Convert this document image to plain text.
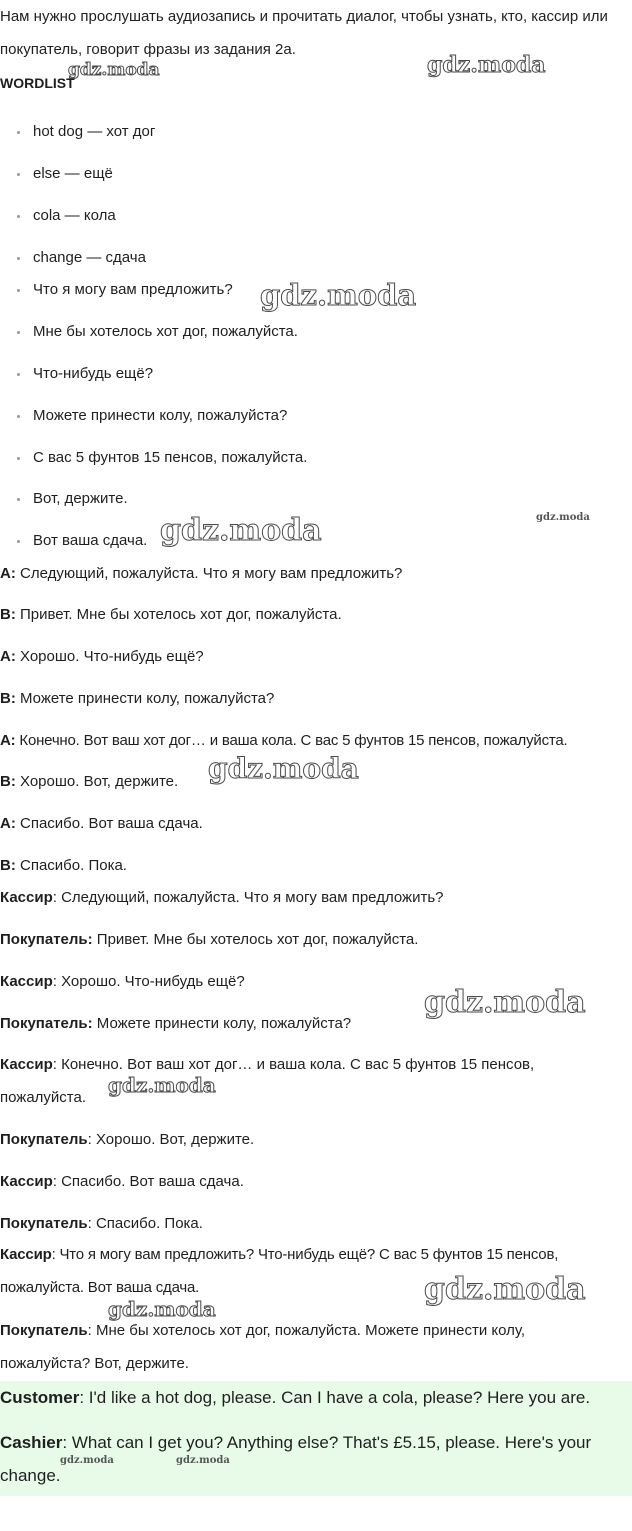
Нам нужно прослушать аудиозапись и прочитать диалог, чтобы узнать, кто, кассир или покупатель, говорит фразы из задания 2а.

WORDLIST

hot dog — хот дог
else — ещё
cola — кола
change — сдача
Что я могу вам предложить?
Мне бы хотелось хот дог, пожалуйста.
Что-нибудь ещё?
Можете принести колу, пожалуйста?
С вас 5 фунтов 15 пенсов, пожалуйста.
Вот, держите.
Вот ваша сдача.

A: Следующий, пожалуйста. Что я могу вам предложить?

B: Привет. Мне бы хотелось хот дог, пожалуйста.

A: Хорошо. Что-нибудь ещё?

B: Можете принести колу, пожалуйста?

A: Конечно. Вот ваш хот дог… и ваша кола. С вас 5 фунтов 15 пенсов, пожалуйста.

B: Хорошо. Вот, держите.

A: Спасибо. Вот ваша сдача.

B: Спасибо. Пока.

Кассир: Следующий, пожалуйста. Что я могу вам предложить?

Покупатель: Привет. Мне бы хотелось хот дог, пожалуйста.

Кассир: Хорошо. Что-нибудь ещё?

Покупатель: Можете принести колу, пожалуйста?

Кассир: Конечно. Вот ваш хот дог… и ваша кола. С вас 5 фунтов 15 пенсов, пожалуйста.

Покупатель: Хорошо. Вот, держите.

Кассир: Спасибо. Вот ваша сдача.

Покупатель: Спасибо. Пока.

Кассир: Что я могу вам предложить? Что-нибудь ещё? С вас 5 фунтов 15 пенсов, пожалуйста. Вот ваша сдача.

Покупатель: Мне бы хотелось хот дог, пожалуйста. Можете принести колу, пожалуйста? Вот, держите.

Customer: I'd like a hot dog, please. Can I have a cola, please? Here you are.

Cashier: What can I get you? Anything else? That's £5.15, please. Here's your change.

gdz.moda	gdz.moda
gdz.moda
gdz.moda	gdz.moda
gdz.moda
gdz.moda
gdz.moda
gdz.moda
gdz.moda
gdz.moda	gdz.moda
